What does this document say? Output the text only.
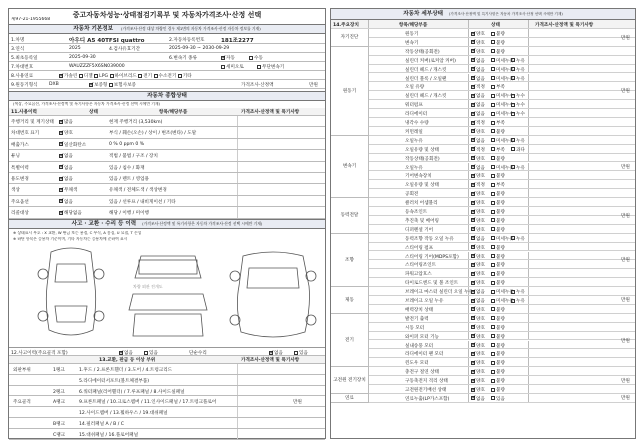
제97-21-1955668
중고자동차성능·상태점검기록부 및 자동차가격조사·산정 선택
자동차 기본정보 (가격조사·산정 대상 차량인 경우 제1면의 자동차 가격조사·산정 자동차 정보를 기재)
1.차명	아우디 A5 40TFSI quattro	2.자동차등록번호	181조2277
3.연식	2025	4.검사유효기간	2025-09-30 ~ 2030-09-29
5.최초등록일	2025-09-30	6.변속기 종류 ✓	자동	수동
7.차대번호	WAUZZZF5X6SN039000	세미오토	무단변속기
8.사용연료 ✓	가솔린 디젤 LPG 하이브리드 전기 수소전기 기타
9.원동기형식 DXB ✓	보증형 보험사보증	가격조사·산정액	만원
자동차 종합상태
(색상, 주요옵션, 가격조사·산정액 및 특기사항은 자동차 가격조사·산정 선택 시에만 기재)
11.사용이력	상태	항목/해당부품	가격조사·산정액 및 특기사항
주행거리 및 계기상태 ✓	많음	현재 주행거리 (3,530km)
차대번호 표기 ✓	양호	부식 / 훼손(오손) / 상이 / 변조(변타) / 도말
배출가스 ✓	일산화탄소	0 % 0 ppm 0 %
튜닝 ✓	없음	적법 / 불법 / 구조 / 장치
특별이력 ✓	없음	있음 / 침수 / 화재
용도변경 ✓	없음	있음 / 렌트 / 영업용
색상 ✓	무채색	유채색 / 전체도색 / 색상변경
주요옵션 ✓	없음	있음 / 선루프 / 내비게이션 / 기타
리콜대상 ✓	해당없음	해당 / 이행 / 미이행
사고 · 교환 · 수리 등 이력 (가격조사·산정액 및 특기사항은 자동차 가격조사·산정 선택 시에만 기재)
※ 상태표시 부호 : X 교환, W 판금 또는 용접, C 부식, A 흠집, U 요철, T 손상
※ 하단 항목은 승용차 기준이며, 기타 자동차는 승용차에 준하여 표시
차량 외관 전개도
12.사고이력(주요골격 포함) ✓	없음	있음	단순수리 ✓	없음	있음
13.교환, 판금 등 이상 부위	가격조사·산정액 및 특기사항
외판부위	1랭크	1.후드 / 2.프론트휀더 / 3.도어 / 4.트렁크리드
5.라디에이터서포트(볼트체결부품)
2랭크	6.쿼터패널(리어휀더) / 7.루프패널 / 8.사이드실패널
주요골격	A랭크	9.프론트패널 / 10.크로스멤버 / 11.인사이드패널 / 17.트렁크플로어	만원
12.사이드멤버 / 13.휠하우스 / 19.대쉬패널
B랭크	14.필러패널 A / B / C
C랭크	15.대쉬패널 / 16.플로어패널
자동차 세부상태 (가격조사·산정액 및 특기사항은 자동차 가격조사·산정 선택 시에만 기재)
14.주요장치	항목/해당부품	상태	가격조사·산정액 및 특기사항
원동기 ✓	양호	불량
변속기 ✓	양호	불량
자기진단	만원
작동상태(공회전) ✓	양호	불량
실린더 커버(로커암 커버) ✓	없음	미세누유 누유
실린더 헤드 / 개스킷 ✓	없음	미세누유 누유
실린더 블록 / 오일팬 ✓	없음	미세누유 누유
오일 유량 ✓	적정	부족
실린더 헤드 / 개스킷 ✓	없음	미세누수 누수
워터펌프 ✓	없음	미세누수 누수
라디에이터 ✓	없음	미세누수 누수
냉각수 수량 ✓	적정	부족
커먼레일 ✓	양호	불량
원동기	만원
오일누유 ✓	없음	미세누유 누유
오일유량 및 상태 ✓	적정	부족	과다
작동상태(공회전) ✓	양호	불량
오일누유 ✓	없음	미세누유 누유
기어변속장치 ✓	양호	불량
오일유량 및 상태 ✓	적정	부족
공회전 ✓	양호	불량
변속기	만원
클러치 어셈블리 ✓	양호	불량
등속조인트 ✓	양호	불량
추진축 및 베어링 ✓	양호	불량
디퍼렌셜 기어 ✓	양호	불량
동력전달	만원
동력조향 작동 오일 누유 ✓	없음	미세누유 누유
스티어링 펌프 ✓	양호	불량
스티어링 기어(MDPS포함) ✓	양호	불량
스티어링조인트 ✓	양호	불량
파워고압호스 ✓	양호	불량
타이로드엔드 및 볼 조인트 ✓	양호	불량
조향	만원
브레이크 마스터 실린더 오일 누유 ✓ 없음	미세누유 누유
브레이크 오일 누유 ✓	없음	미세누유 누유
배력장치 상태 ✓	양호	불량
제동	만원
발전기 출력 ✓	양호	불량
시동 모터 ✓	양호	불량
와이퍼 모터 기능 ✓	양호	불량
실내송풍 모터 ✓	양호	불량
라디에이터 팬 모터 ✓	양호	불량
윈도우 모터 ✓	양호	불량
전기	만원
충전구 절연 상태 ✓	양호	불량
구동축전지 격리 상태 ✓	양호	불량
고전원전기배선 상태 ✓	양호	불량
고전원 전기장치	만원
연료누출(LP가스포함) ✓	없음	있음
연료	만원
